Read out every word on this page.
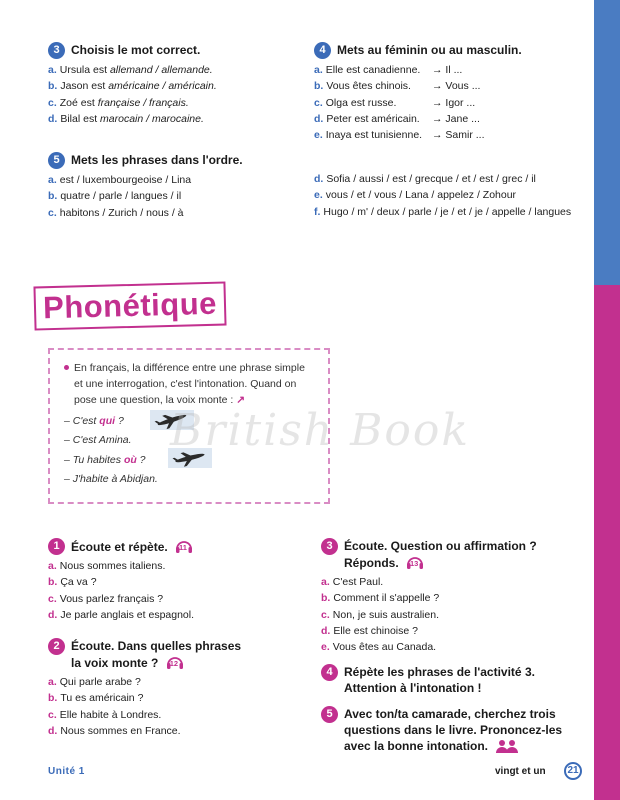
3 Choisis le mot correct.
a. Ursula est allemand / allemande.
b. Jason est américaine / américain.
c. Zoé est française / français.
d. Bilal est marocain / marocaine.
4 Mets au féminin ou au masculin.
a. Elle est canadienne. → Il ...
b. Vous êtes chinois. → Vous ...
c. Olga est russe.	→ Igor ...
d. Peter est américain. → Jane ...
e. Inaya est tunisienne. → Samir ...
5 Mets les phrases dans l'ordre.
a. est / luxembourgeoise / Lina
b. quatre / parle / langues / il
c. habitons / Zurich / nous / à
d. Sofia / aussi / est / grecque / et / est / grec / il
e. vous / et / vous / Lana / appelez / Zohour
f. Hugo / m' / deux / parle / je / et / je / appelle / langues
Phonétique
En français, la différence entre une phrase simple
et une interrogation, c'est l'intonation. Quand on
pose une question, la voix monte : ↗
– C'est qui ?
– C'est Amina.
– Tu habites où ?
– J'habite à Abidjan.
British Book
1 Écoute et répète. 11
a. Nous sommes italiens.
b. Ça va ?
c. Vous parlez français ?
d. Je parle anglais et espagnol.
2 Écoute. Dans quelles phrases
la voix monte ? 12
a. Qui parle arabe ?
b. Tu es américain ?
c. Elle habite à Londres.
d. Nous sommes en France.
3 Écoute. Question ou affirmation ?
Réponds. 13
a. C'est Paul.
b. Comment il s'appelle ?
c. Non, je suis australien.
d. Elle est chinoise ?
e. Vous êtes au Canada.
4 Répète les phrases de l'activité 3.
Attention à l'intonation !
5 Avec ton/ta camarade, cherchez trois
questions dans le livre. Prononcez-les
avec la bonne intonation.
Unité 1	vingt et un	21
